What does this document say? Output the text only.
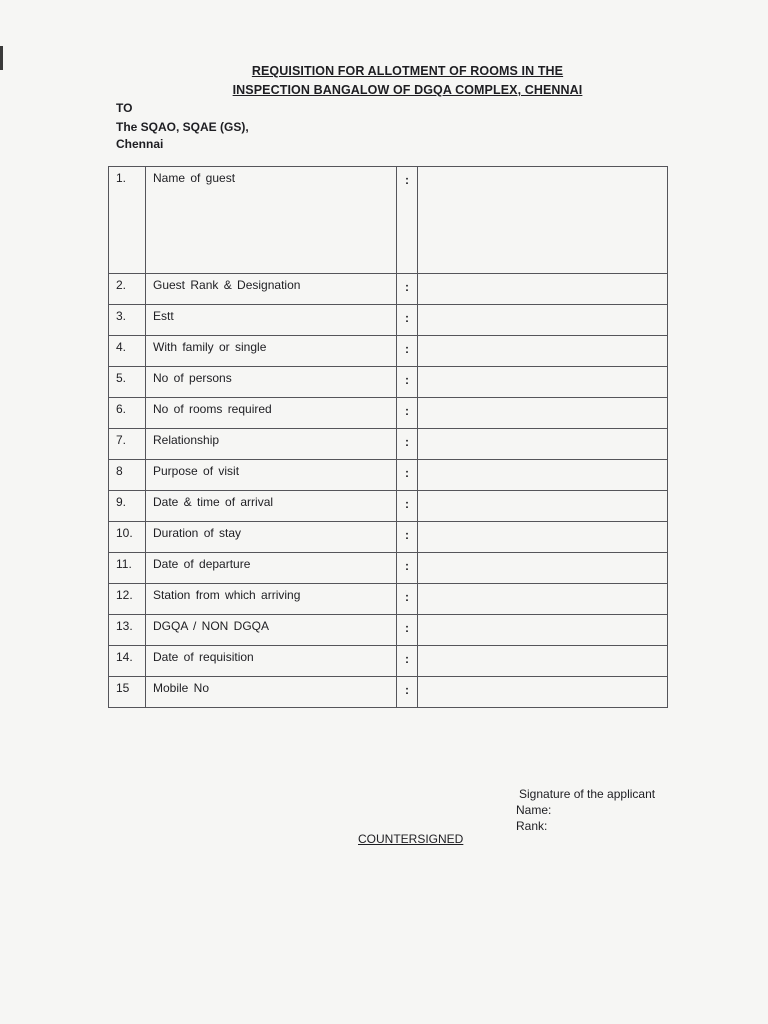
REQUISITION FOR ALLOTMENT OF ROOMS IN THE
INSPECTION BANGALOW OF DGQA COMPLEX, CHENNAI
TO
The SQAO, SQAE (GS),
Chennai
1.	Name of guest	:	
2.	Guest Rank & Designation	:	
3.	Estt	:	
4.	With family or single	:	
5.	No of persons	:	
6.	No of rooms required	:	
7.	Relationship	:	
8	Purpose of visit	:	
9.	Date & time of arrival	:	
10.	Duration of stay	:	
11.	Date of departure	:	
12.	Station from which arriving	:	
13.	DGQA / NON DGQA	:	
14.	Date of requisition	:	
15	Mobile No	:	
Signature of the applicant
Name:
Rank:
COUNTERSIGNED
